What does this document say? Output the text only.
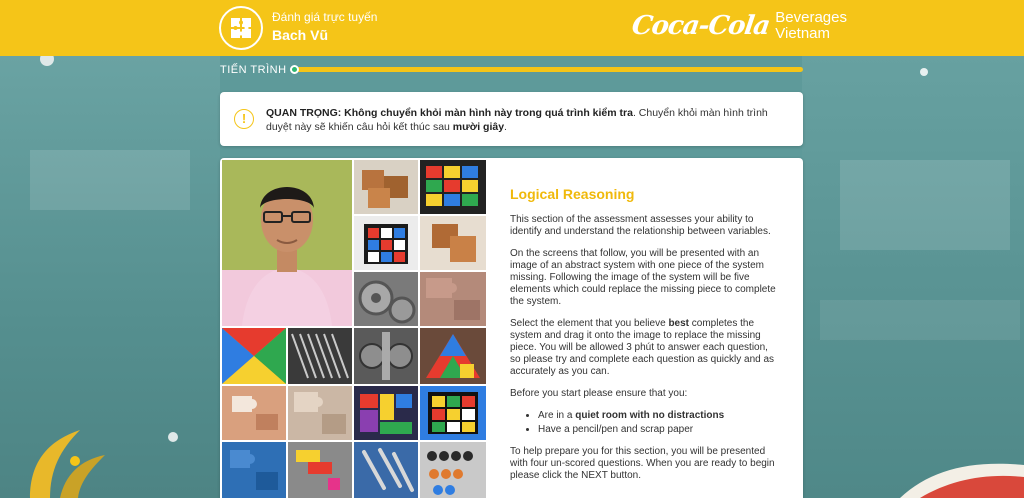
Đánh giá trực tuyến
Bach Vũ	Coca-Cola Beverages
Vietnam
TIẾN TRÌNH
!	QUAN TRỌNG: Không chuyển khỏi màn hình này trong quá trình kiểm tra. Chuyển khỏi màn hình trình duyệt này sẽ khiến câu hỏi kết thúc sau mười giây.
Logical Reasoning

This section of the assessment assesses your ability to identify and understand the relationship between variables.

On the screens that follow, you will be presented with an image of an abstract system with one piece of the system missing. Following the image of the system will be five elements which could replace the missing piece to complete the system.

Select the element that you believe best completes the system and drag it onto the image to replace the missing piece. You will be allowed 3 phút to answer each question, so please try and complete each question as quickly and as accurately as you can.

Before you start please ensure that you:

• Are in a quiet room with no distractions
• Have a pencil/pen and scrap paper

To help prepare you for this section, you will be presented with four un-scored questions. When you are ready to begin please click the NEXT button.
